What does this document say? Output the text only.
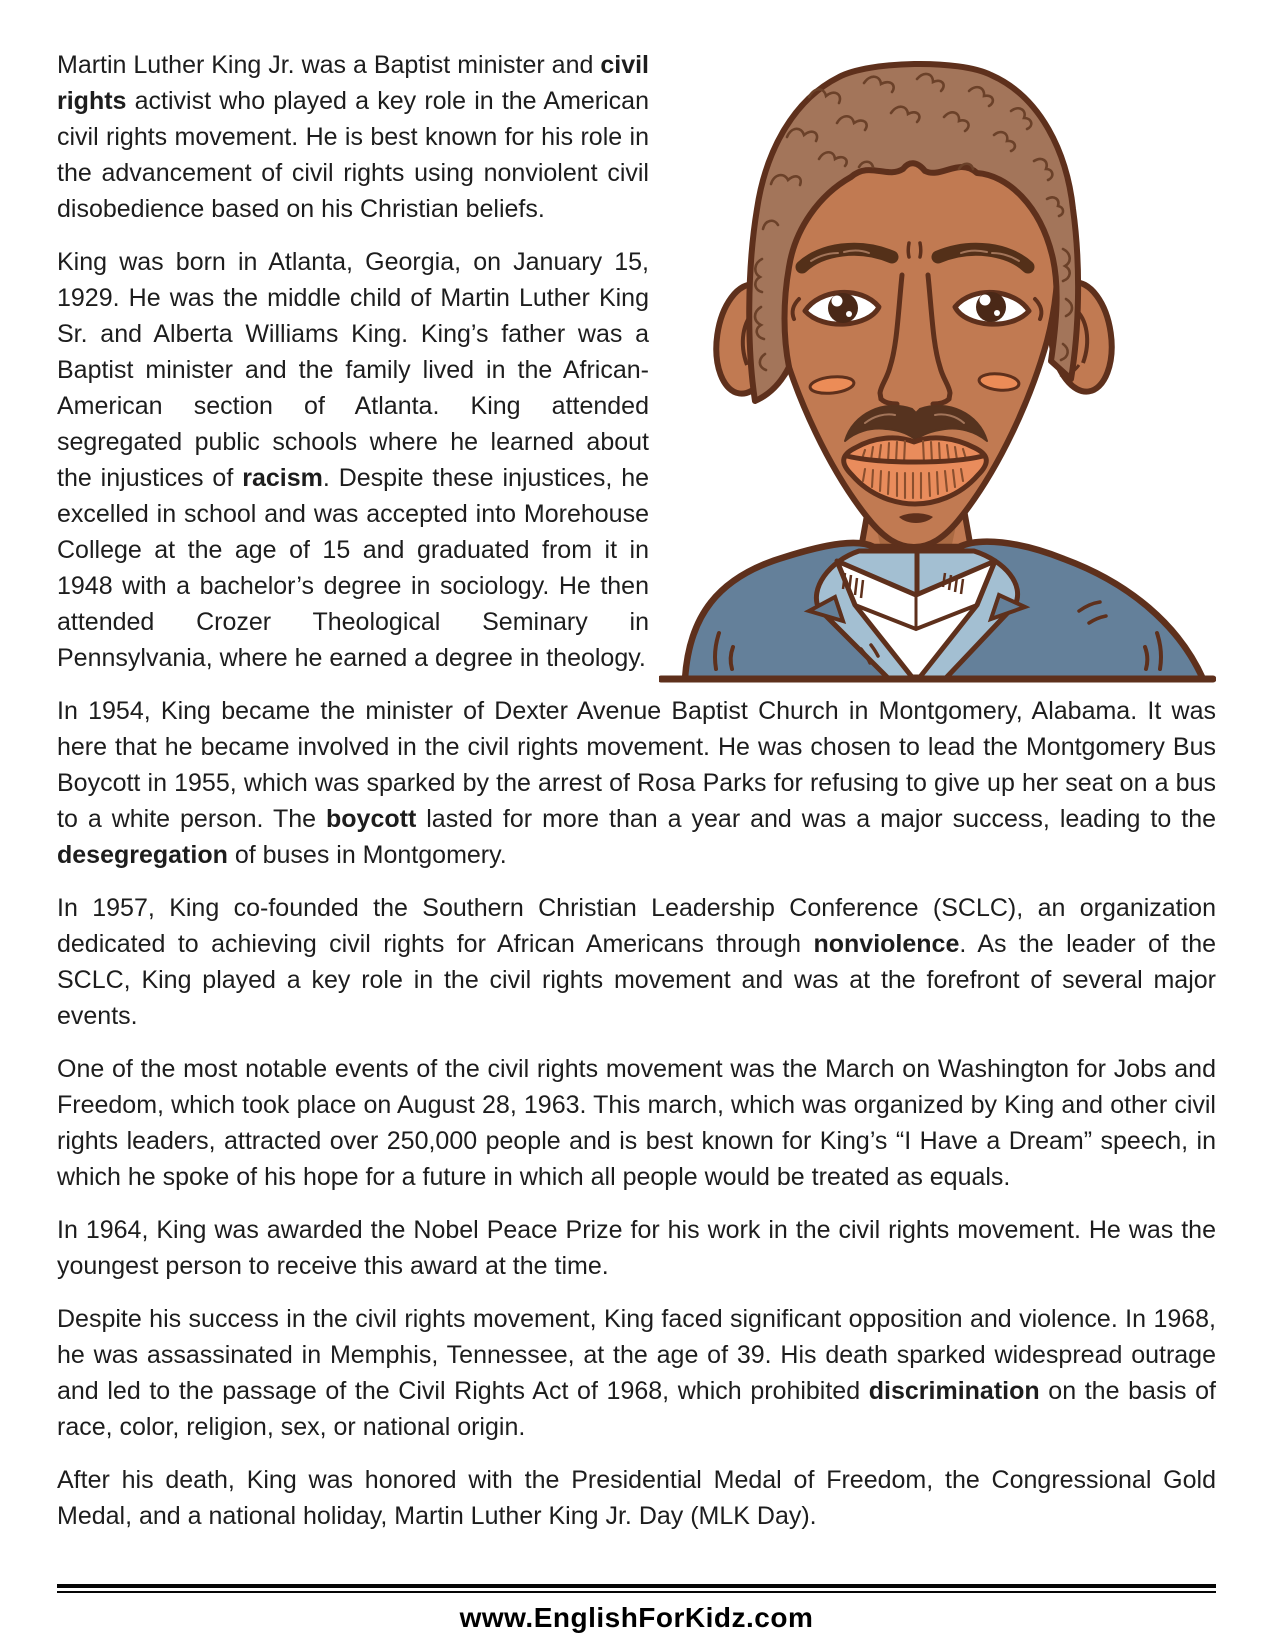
Martin Luther King Jr. was a Baptist minister and civil rights activist who played a key role in the American civil rights movement. He is best known for his role in the advancement of civil rights using nonviolent civil disobedience based on his Christian beliefs.

King was born in Atlanta, Georgia, on January 15, 1929. He was the middle child of Martin Luther King Sr. and Alberta Williams King. King’s father was a Baptist minister and the family lived in the African-American section of Atlanta. King attended segregated public schools where he learned about the injustices of racism. Despite these injustices, he excelled in school and was accepted into Morehouse College at the age of 15 and graduated from it in 1948 with a bachelor’s degree in sociology. He then attended Crozer Theological Seminary in Pennsylvania, where he earned a degree in theology.

In 1954, King became the minister of Dexter Avenue Baptist Church in Montgomery, Alabama. It was here that he became involved in the civil rights movement. He was chosen to lead the Montgomery Bus Boycott in 1955, which was sparked by the arrest of Rosa Parks for refusing to give up her seat on a bus to a white person. The boycott lasted for more than a year and was a major success, leading to the desegregation of buses in Montgomery.

In 1957, King co-founded the Southern Christian Leadership Conference (SCLC), an organization dedicated to achieving civil rights for African Americans through nonviolence. As the leader of the SCLC, King played a key role in the civil rights movement and was at the forefront of several major events.

One of the most notable events of the civil rights movement was the March on Washington for Jobs and Freedom, which took place on August 28, 1963. This march, which was organized by King and other civil rights leaders, attracted over 250,000 people and is best known for King’s “I Have a Dream” speech, in which he spoke of his hope for a future in which all people would be treated as equals.

In 1964, King was awarded the Nobel Peace Prize for his work in the civil rights movement. He was the youngest person to receive this award at the time.

Despite his success in the civil rights movement, King faced significant opposition and violence. In 1968, he was assassinated in Memphis, Tennessee, at the age of 39. His death sparked widespread outrage and led to the passage of the Civil Rights Act of 1968, which prohibited discrimination on the basis of race, color, religion, sex, or national origin.

After his death, King was honored with the Presidential Medal of Freedom, the Congressional Gold Medal, and a national holiday, Martin Luther King Jr. Day (MLK Day).

www.EnglishForKidz.com
